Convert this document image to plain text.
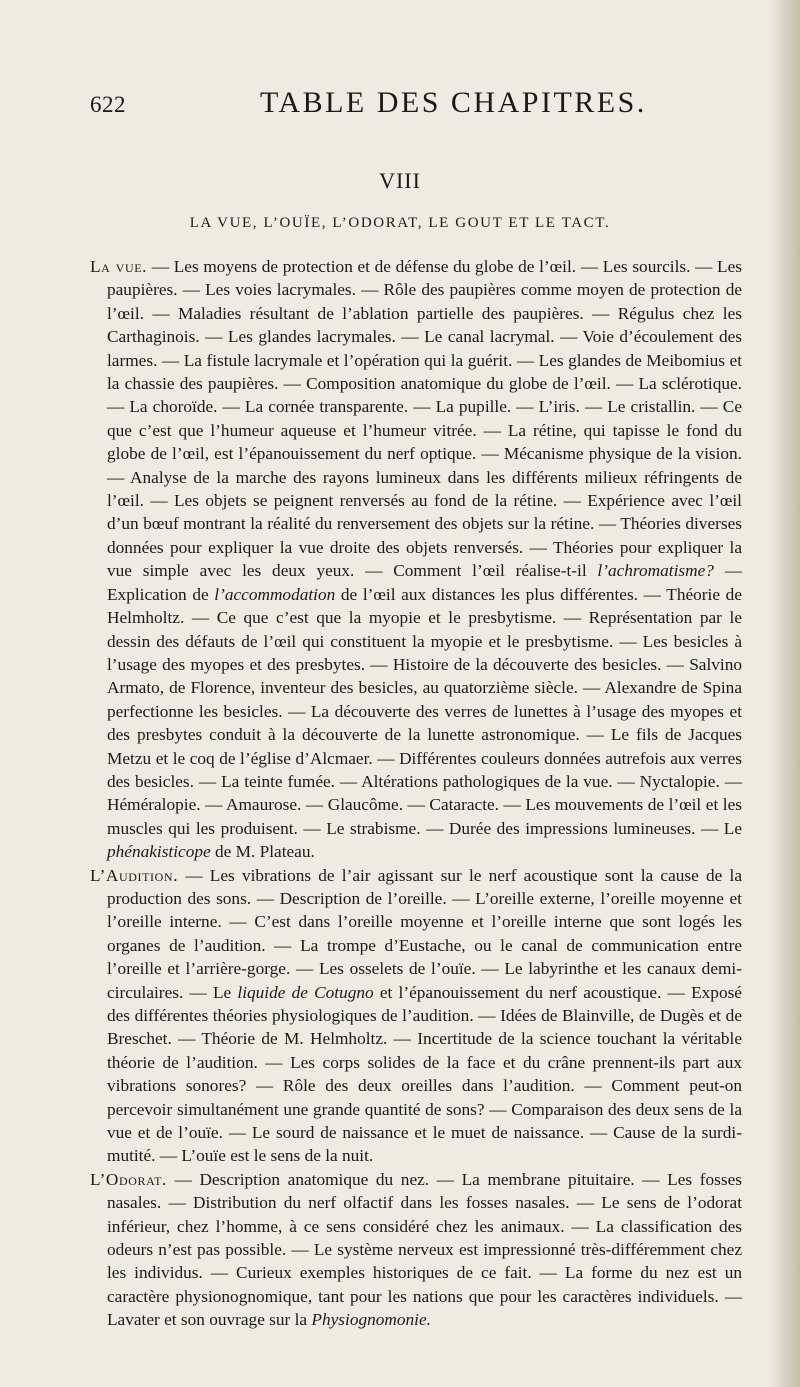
622	TABLE DES CHAPITRES.
VIII
LA VUE, L’OUÏE, L’ODORAT, LE GOUT ET LE TACT.

La vue. — Les moyens de protection et de défense du globe de l’œil. — Les sourcils. — Les paupières. — Les voies lacrymales. — Rôle des paupières comme moyen de protection de l’œil. — Maladies résultant de l’ablation partielle des paupières. — Régulus chez les Carthaginois. — Les glandes lacrymales. — Le canal lacrymal. — Voie d’écoulement des larmes. — La fistule lacrymale et l’opération qui la guérit. — Les glandes de Meibomius et la chassie des paupières. — Composition anatomique du globe de l’œil. — La sclérotique. — La choroïde. — La cornée transparente. — La pupille. — L’iris. — Le cristallin. — Ce que c’est que l’humeur aqueuse et l’humeur vitrée. — La rétine, qui tapisse le fond du globe de l’œil, est l’épanouissement du nerf optique. — Mécanisme physique de la vision. — Analyse de la marche des rayons lumineux dans les différents milieux réfringents de l’œil. — Les objets se peignent renversés au fond de la rétine. — Expérience avec l’œil d’un bœuf montrant la réalité du renversement des objets sur la rétine. — Théories diverses données pour expliquer la vue droite des objets renversés. — Théories pour expliquer la vue simple avec les deux yeux. — Comment l’œil réalise-t-il l’achromatisme? — Explication de l’accommodation de l’œil aux distances les plus différentes. — Théorie de Helmholtz. — Ce que c’est que la myopie et le presbytisme. — Représentation par le dessin des défauts de l’œil qui constituent la myopie et le presbytisme. — Les besicles à l’usage des myopes et des presbytes. — Histoire de la découverte des besicles. — Salvino Armato, de Florence, inventeur des besicles, au quatorzième siècle. — Alexandre de Spina perfectionne les besicles. — La découverte des verres de lunettes à l’usage des myopes et des presbytes conduit à la découverte de la lunette astronomique. — Le fils de Jacques Metzu et le coq de l’église d’Alcmaer. — Différentes couleurs données autrefois aux verres des besicles. — La teinte fumée. — Altérations pathologiques de la vue. — Nyctalopie. — Héméralopie. — Amaurose. — Glaucôme. — Cataracte. — Les mouvements de l’œil et les muscles qui les produisent. — Le strabisme. — Durée des impressions lumineuses. — Le phénakisticope de M. Plateau.

L’Audition. — Les vibrations de l’air agissant sur le nerf acoustique sont la cause de la production des sons. — Description de l’oreille. — L’oreille externe, l’oreille moyenne et l’oreille interne. — C’est dans l’oreille moyenne et l’oreille interne que sont logés les organes de l’audition. — La trompe d’Eustache, ou le canal de communication entre l’oreille et l’arrière-gorge. — Les osselets de l’ouïe. — Le labyrinthe et les canaux demi-circulaires. — Le liquide de Cotugno et l’épanouissement du nerf acoustique. — Exposé des différentes théories physiologiques de l’audition. — Idées de Blainville, de Dugès et de Breschet. — Théorie de M. Helmholtz. — Incertitude de la science touchant la véritable théorie de l’audition. — Les corps solides de la face et du crâne prennent-ils part aux vibrations sonores? — Rôle des deux oreilles dans l’audition. — Comment peut-on percevoir simultanément une grande quantité de sons? — Comparaison des deux sens de la vue et de l’ouïe. — Le sourd de naissance et le muet de naissance. — Cause de la surdi-mutité. — L’ouïe est le sens de la nuit.

L’Odorat. — Description anatomique du nez. — La membrane pituitaire. — Les fosses nasales. — Distribution du nerf olfactif dans les fosses nasales. — Le sens de l’odorat inférieur, chez l’homme, à ce sens considéré chez les animaux. — La classification des odeurs n’est pas possible. — Le système nerveux est impressionné très-différemment chez les individus. — Curieux exemples historiques de ce fait. — La forme du nez est un caractère physionognomique, tant pour les nations que pour les caractères individuels. — Lavater et son ouvrage sur la Physiognomonie.
